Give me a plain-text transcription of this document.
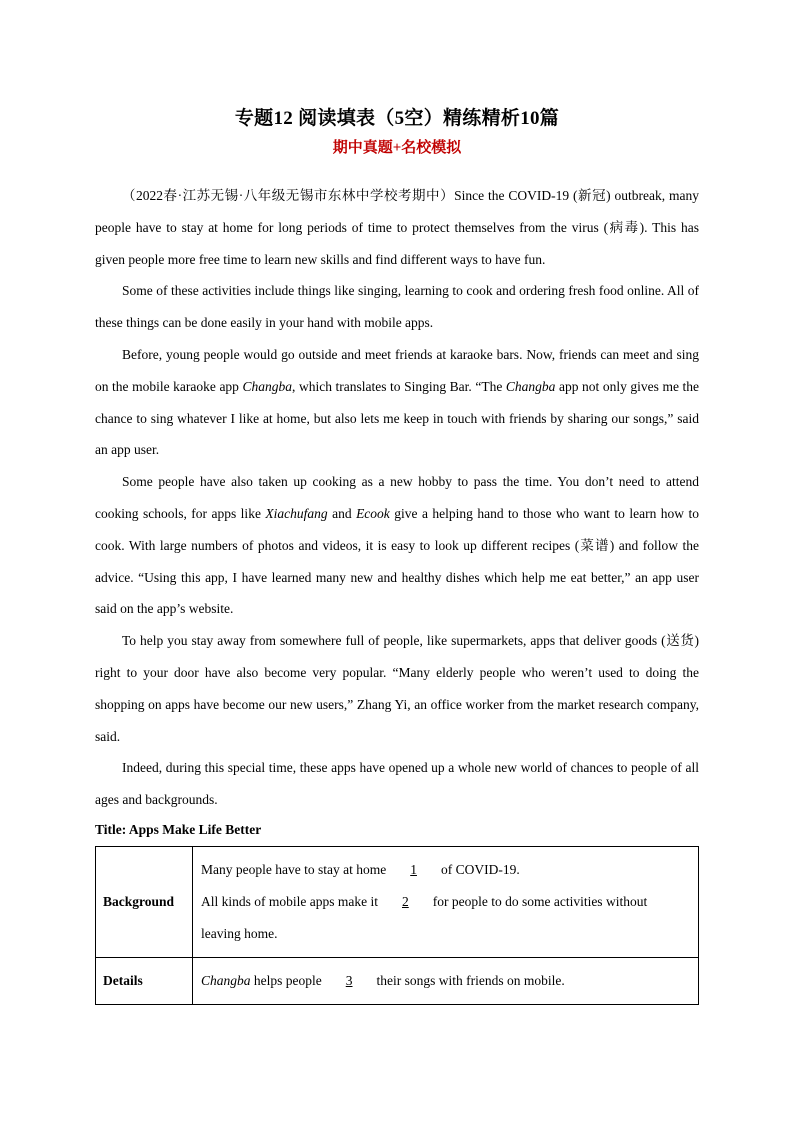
专题12 阅读填表（5空）精练精析10篇
期中真题+名校模拟

（2022春·江苏无锡·八年级无锡市东林中学校考期中）Since the COVID-19 (新冠) outbreak, many people have to stay at home for long periods of time to protect themselves from the virus (病毒). This has given people more free time to learn new skills and find different ways to have fun.

Some of these activities include things like singing, learning to cook and ordering fresh food online. All of these things can be done easily in your hand with mobile apps.

Before, young people would go outside and meet friends at karaoke bars. Now, friends can meet and sing on the mobile karaoke app Changba, which translates to Singing Bar. “The Changba app not only gives me the chance to sing whatever I like at home, but also lets me keep in touch with friends by sharing our songs,” said an app user.

Some people have also taken up cooking as a new hobby to pass the time. You don’t need to attend cooking schools, for apps like Xiachufang and Ecook give a helping hand to those who want to learn how to cook. With large numbers of photos and videos, it is easy to look up different recipes (菜谱) and follow the advice. “Using this app, I have learned many new and healthy dishes which help me eat better,” an app user said on the app’s website.

To help you stay away from somewhere full of people, like supermarkets, apps that deliver goods (送货) right to your door have also become very popular. “Many elderly people who weren’t used to doing the shopping on apps have become our new users,” Zhang Yi, an office worker from the market research company, said.

Indeed, during this special time, these apps have opened up a whole new world of chances to people of all ages and backgrounds.

Title: Apps Make Life Better
Background	Many people have to stay at home 1 of COVID-19.
All kinds of mobile apps make it 2 for people to do some activities without leaving home.

Details	Changba helps people 3 their songs with friends on mobile.
